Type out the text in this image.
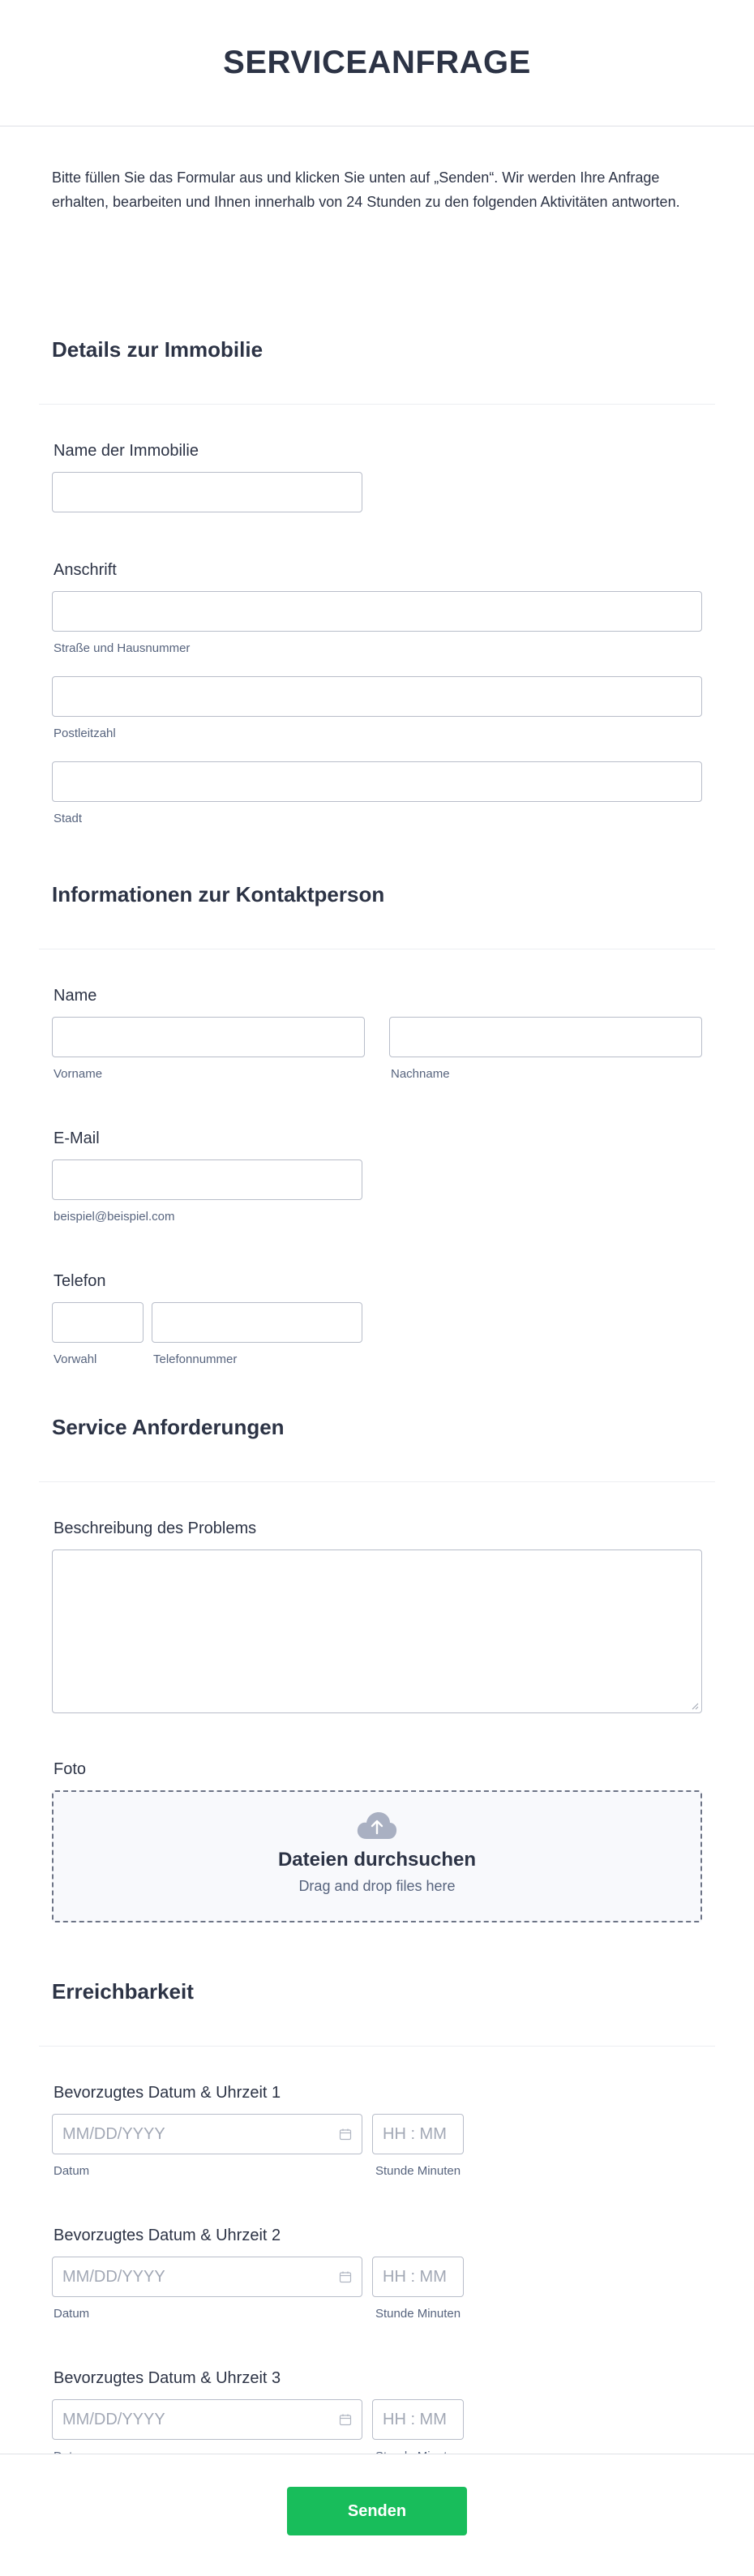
SERVICEANFRAGE
Bitte füllen Sie das Formular aus und klicken Sie unten auf „Senden“. Wir werden Ihre Anfrage erhalten, bearbeiten und Ihnen innerhalb von 24 Stunden zu den folgenden Aktivitäten antworten.
Details zur Immobilie
Name der Immobilie
Anschrift
Straße und Hausnummer
Postleitzahl
Stadt
Informationen zur Kontaktperson
Name
Vorname	Nachname
E-Mail
beispiel@beispiel.com
Telefon
Vorwahl	Telefonnummer
Service Anforderungen
Beschreibung des Problems
Foto
Dateien durchsuchen
Drag and drop files here
Erreichbarkeit
Bevorzugtes Datum & Uhrzeit 1
MM/DD/YYYY	HH : MM
Datum	Stunde Minuten
Bevorzugtes Datum & Uhrzeit 2
MM/DD/YYYY	HH : MM
Datum	Stunde Minuten
Bevorzugtes Datum & Uhrzeit 3
MM/DD/YYYY	HH : MM
Senden
